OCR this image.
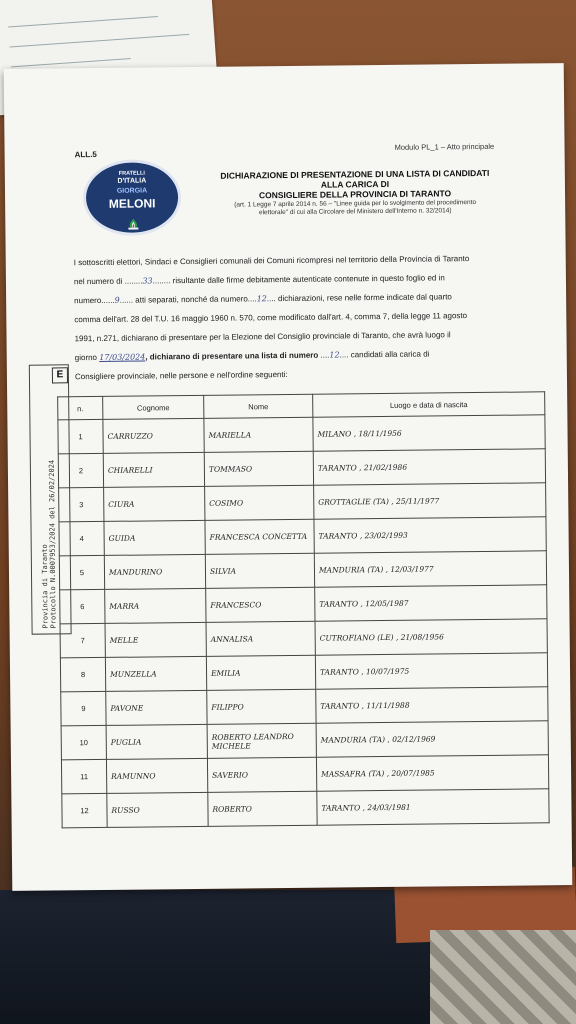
ALL.5
Modulo PL_1 – Atto principale
FRATELLI
D'ITALIA
GIORGIA
MELONI
DICHIARAZIONE DI PRESENTAZIONE DI UNA LISTA DI CANDIDATI
ALLA CARICA DI
CONSIGLIERE DELLA PROVINCIA DI TARANTO
(art. 1 Legge 7 aprile 2014 n. 56 – "Linee guida per lo svolgimento del procedimento
elettorale" di cui alla Circolare del Ministero dell'Interno n. 32/2014)
I sottoscritti elettori, Sindaci e Consiglieri comunali dei Comuni ricompresi nel territorio della Provincia di Taranto
nel numero di ........33........ risultante dalle firme debitamente autenticate contenute in questo foglio ed in
numero......9...... atti separati, nonché da numero....12.... dichiarazioni, rese nelle forme indicate dal quarto
comma dell'art. 28 del T.U. 16 maggio 1960 n. 570, come modificato dall'art. 4, comma 7, della legge 11 agosto
1991, n.271, dichiarano di presentare per la Elezione del Consiglio provinciale di Taranto, che avrà luogo il
giorno 17/03/2024, dichiarano di presentare una lista di numero ....12.... candidati alla carica di
Consigliere provinciale, nelle persone e nell'ordine seguenti:
E
Provincia di Taranto
Protocollo N.0007953/2024 del 26/02/2024
n.	Cognome	Nome	Luogo e data di nascita
1	CARRUZZO	MARIELLA	MILANO , 18/11/1956
2	CHIARELLI	TOMMASO	TARANTO , 21/02/1986
3	CIURA	COSIMO	GROTTAGLIE (TA) , 25/11/1977
4	GUIDA	FRANCESCA CONCETTA	TARANTO , 23/02/1993
5	MANDURINO	SILVIA	MANDURIA (TA) , 12/03/1977
6	MARRA	FRANCESCO	TARANTO , 12/05/1987
7	MELLE	ANNALISA	CUTROFIANO (LE) , 21/08/1956
8	MUNZELLA	EMILIA	TARANTO , 10/07/1975
9	PAVONE	FILIPPO	TARANTO , 11/11/1988
10	PUGLIA	ROBERTO LEANDRO MICHELE	MANDURIA (TA) , 02/12/1969
11	RAMUNNO	SAVERIO	MASSAFRA (TA) , 20/07/1985
12	RUSSO	ROBERTO	TARANTO , 24/03/1981
